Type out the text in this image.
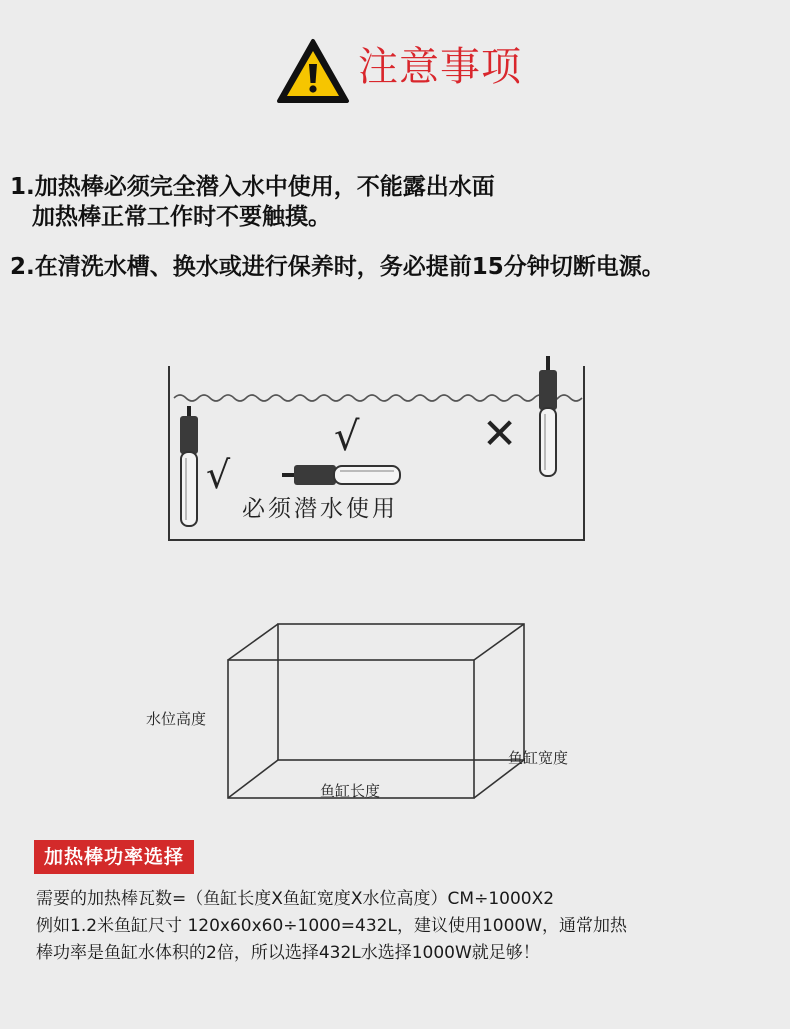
注意事项
1.加热棒必须完全潜入水中使用，不能露出水面
加热棒正常工作时不要触摸。
2.在清洗水槽、换水或进行保养时，务必提前15分钟切断电源。
√
√	✕
必须潜水使用
水位高度
鱼缸宽度
鱼缸长度
加热棒功率选择
需要的加热棒瓦数=（鱼缸长度X鱼缸宽度X水位高度）CM÷1000X2
例如1.2米鱼缸尺寸 120x60x60÷1000=432L，建议使用1000W，通常加热
棒功率是鱼缸水体积的2倍，所以选择432L水选择1000W就足够！
